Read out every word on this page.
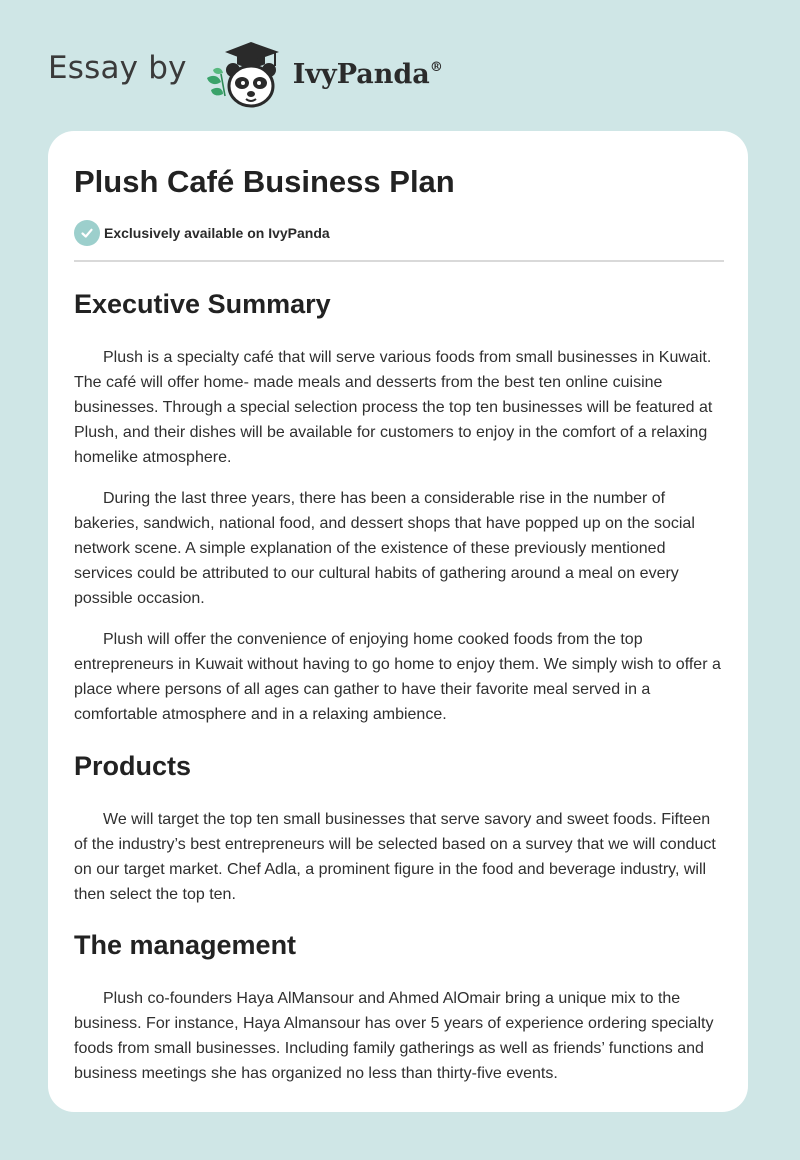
Essay by	IvyPanda®
Plush Café Business Plan
Exclusively available on IvyPanda
Executive Summary

Plush is a specialty café that will serve various foods from small businesses in Kuwait. The café will offer home- made meals and desserts from the best ten online cuisine businesses. Through a special selection process the top ten businesses will be featured at Plush, and their dishes will be available for customers to enjoy in the comfort of a relaxing homelike atmosphere.

During the last three years, there has been a considerable rise in the number of bakeries, sandwich, national food, and dessert shops that have popped up on the social network scene. A simple explanation of the existence of these previously mentioned services could be attributed to our cultural habits of gathering around a meal on every possible occasion.

Plush will offer the convenience of enjoying home cooked foods from the top entrepreneurs in Kuwait without having to go home to enjoy them. We simply wish to offer a place where persons of all ages can gather to have their favorite meal served in a comfortable atmosphere and in a relaxing ambience.

Products

We will target the top ten small businesses that serve savory and sweet foods. Fifteen of the industry’s best entrepreneurs will be selected based on a survey that we will conduct on our target market. Chef Adla, a prominent figure in the food and beverage industry, will then select the top ten.

The management

Plush co-founders Haya AlMansour and Ahmed AlOmair bring a unique mix to the business. For instance, Haya Almansour has over 5 years of experience ordering specialty foods from small businesses. Including family gatherings as well as friends’ functions and business meetings she has organized no less than thirty-five events.
